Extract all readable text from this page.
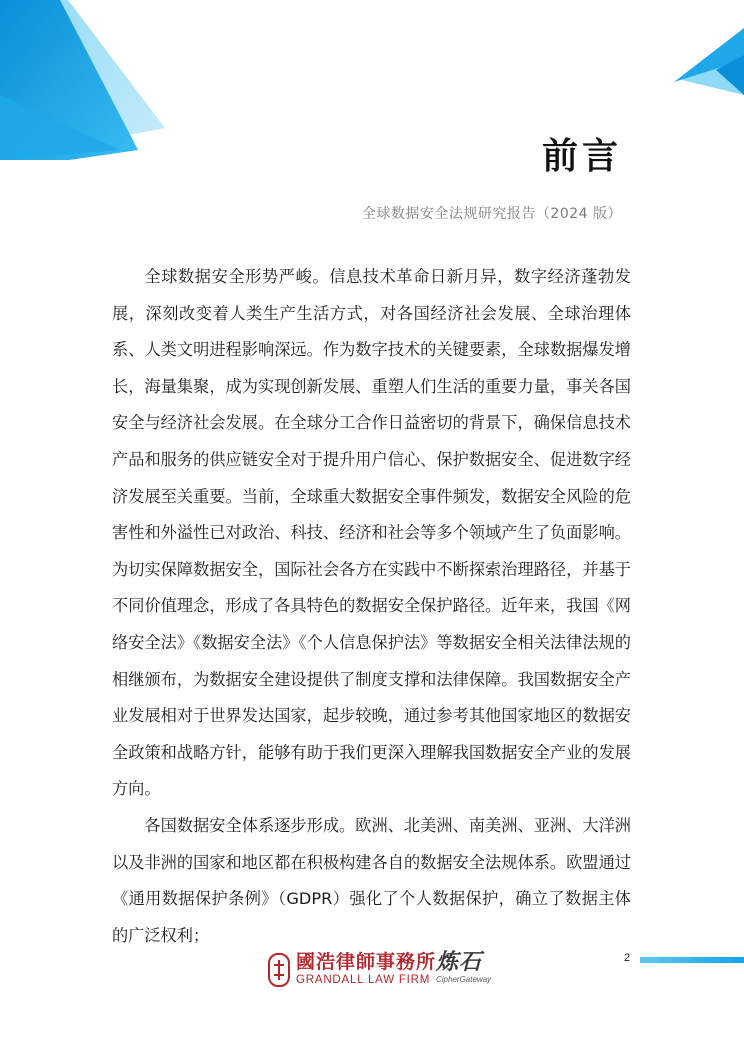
前言
全球数据安全法规研究报告（2024 版）

全球数据安全形势严峻。信息技术革命日新月异，数字经济蓬勃发展，深刻改变着人类生产生活方式，对各国经济社会发展、全球治理体系、人类文明进程影响深远。作为数字技术的关键要素，全球数据爆发增长，海量集聚，成为实现创新发展、重塑人们生活的重要力量，事关各国安全与经济社会发展。在全球分工合作日益密切的背景下，确保信息技术产品和服务的供应链安全对于提升用户信心、保护数据安全、促进数字经济发展至关重要。当前，全球重大数据安全事件频发，数据安全风险的危害性和外溢性已对政治、科技、经济和社会等多个领域产生了负面影响。为切实保障数据安全，国际社会各方在实践中不断探索治理路径，并基于不同价值理念，形成了各具特色的数据安全保护路径。近年来，我国《网络安全法》《数据安全法》《个人信息保护法》等数据安全相关法律法规的相继颁布，为数据安全建设提供了制度支撑和法律保障。我国数据安全产业发展相对于世界发达国家，起步较晚，通过参考其他国家地区的数据安全政策和战略方针，能够有助于我们更深入理解我国数据安全产业的发展方向。

各国数据安全体系逐步形成。欧洲、北美洲、南美洲、亚洲、大洋洲以及非洲的国家和地区都在积极构建各自的数据安全法规体系。欧盟通过《通用数据保护条例》（GDPR）强化了个人数据保护，确立了数据主体的广泛权利；

國浩律師事務所
GRANDALL LAW FIRM
炼石
CipherGateway
2
